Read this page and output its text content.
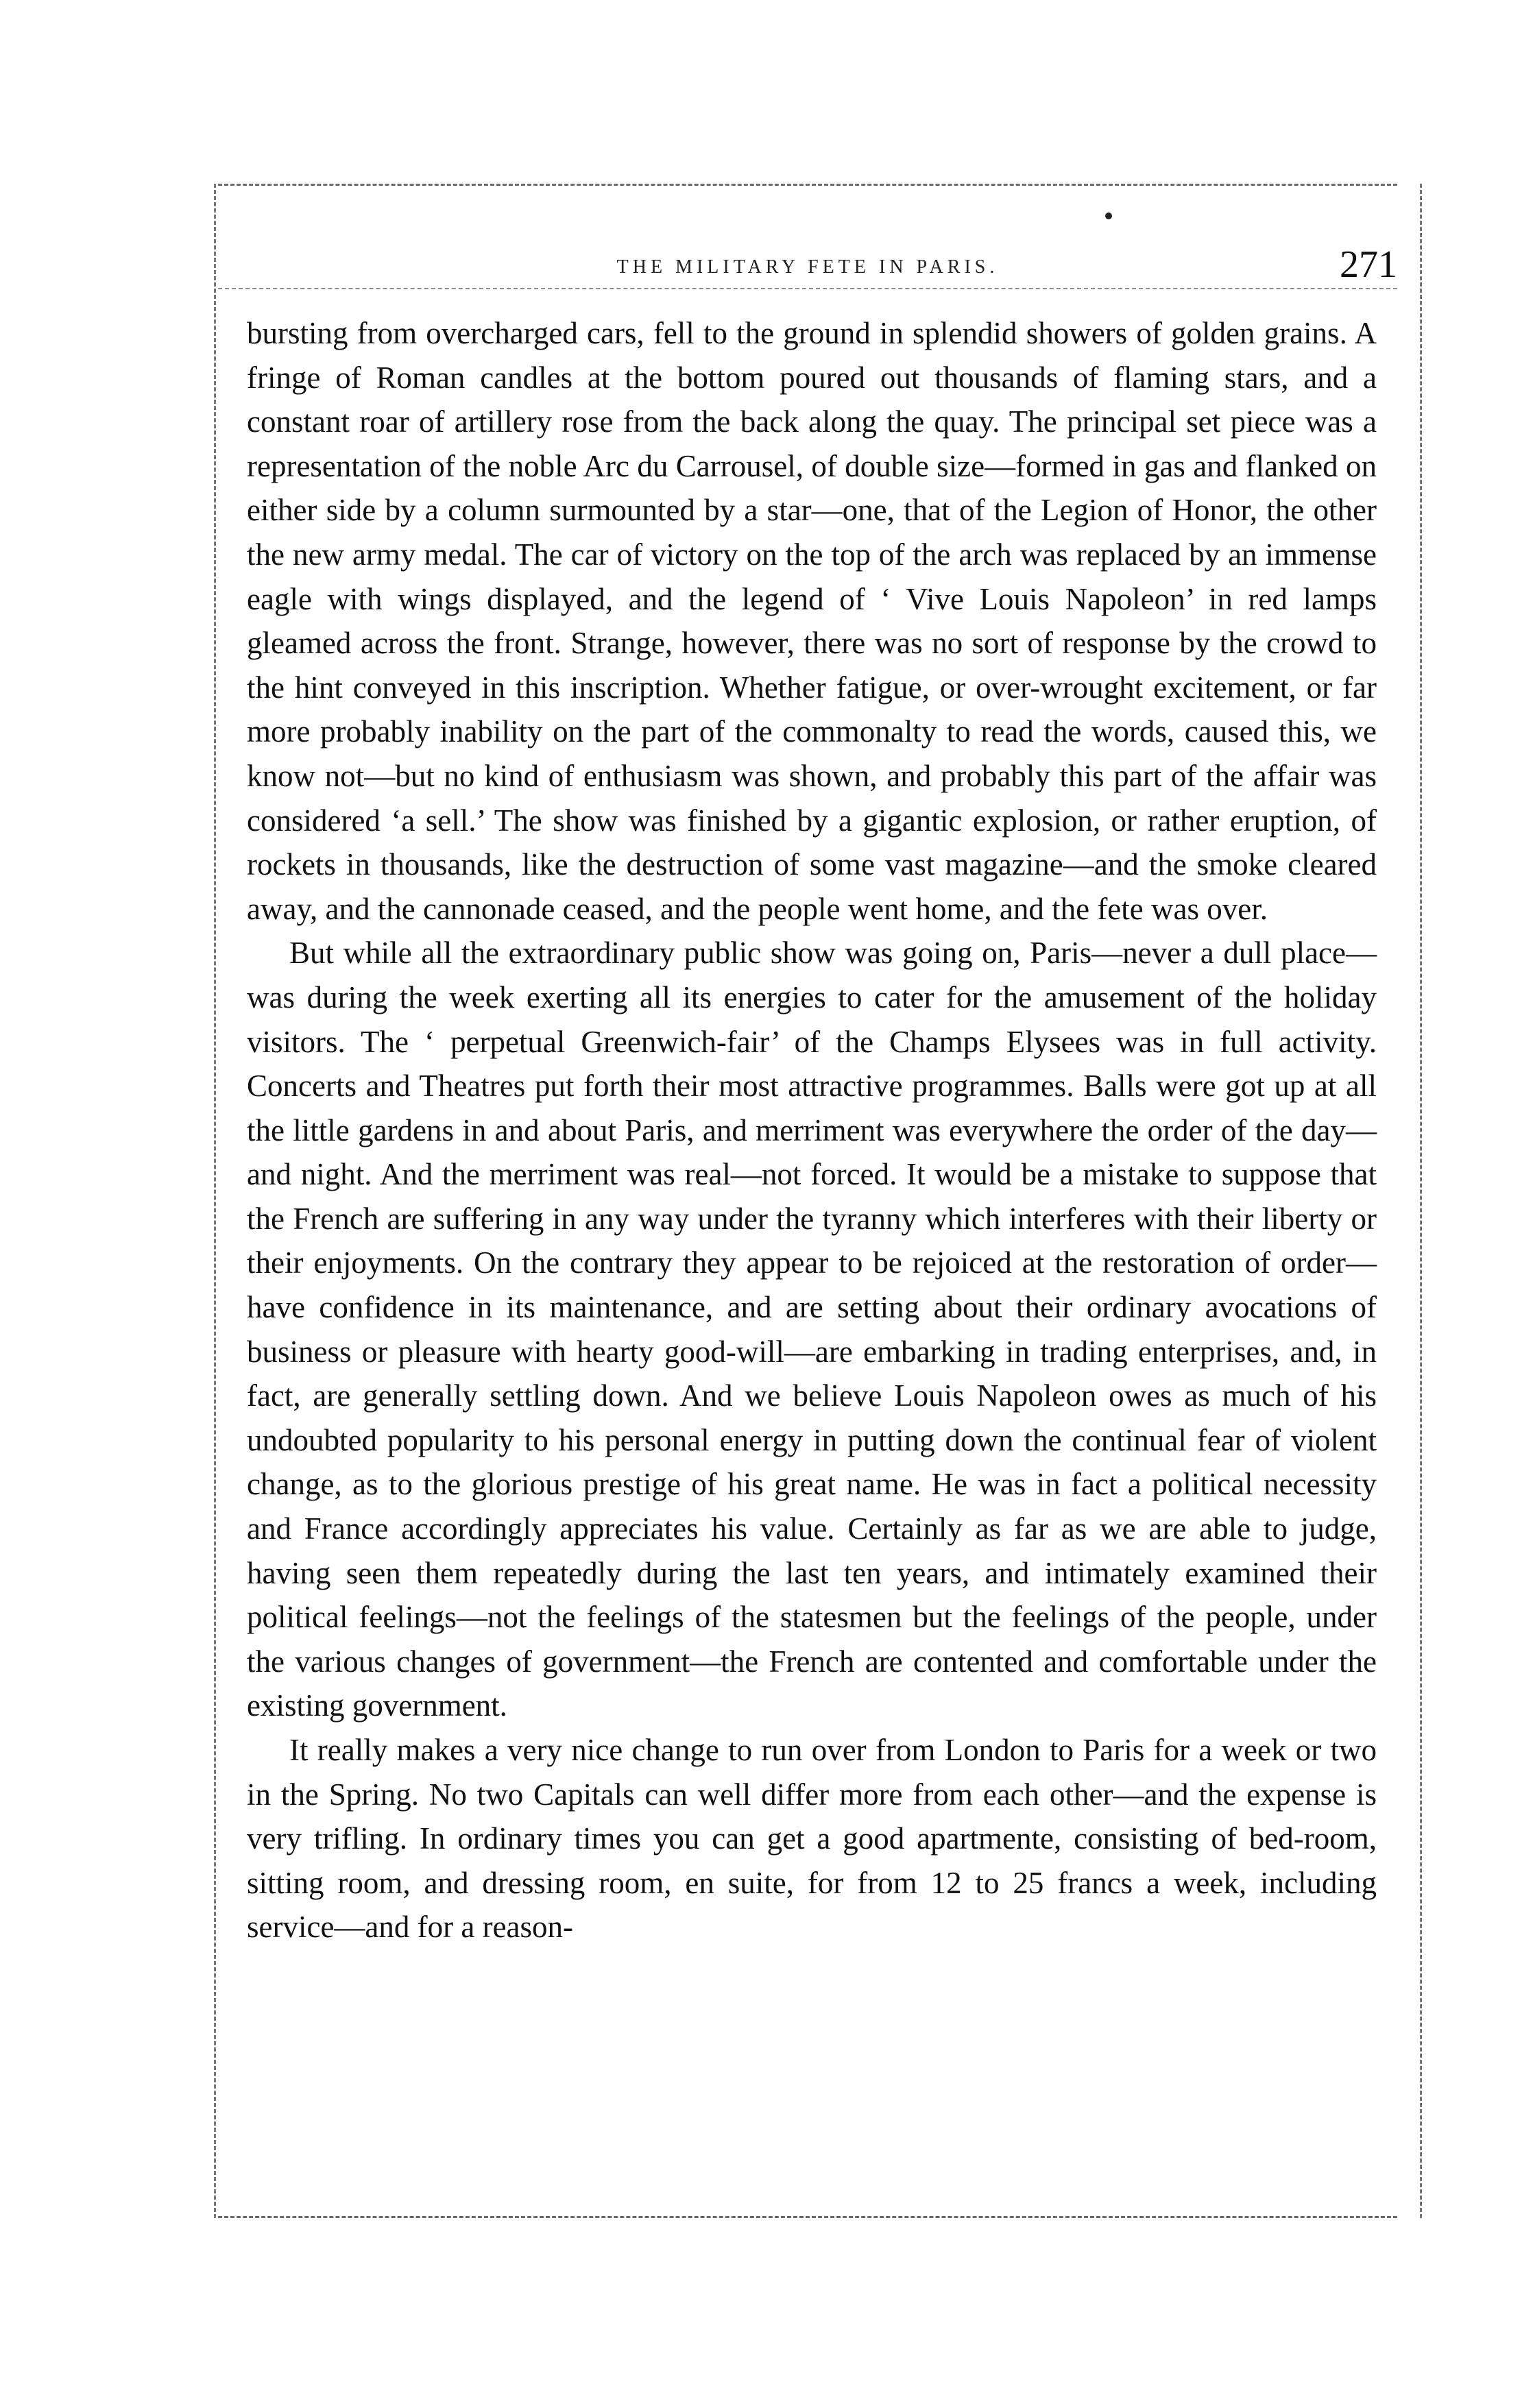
THE MILITARY FETE IN PARIS.	271

bursting from overcharged cars, fell to the ground in splendid showers of golden grains. A fringe of Roman candles at the bottom poured out thousands of flaming stars, and a constant roar of artillery rose from the back along the quay. The principal set piece was a representation of the noble Arc du Carrousel, of double size—formed in gas and flanked on either side by a column surmounted by a star—one, that of the Legion of Honor, the other the new army medal. The car of victory on the top of the arch was replaced by an immense eagle with wings displayed, and the legend of ‘ Vive Louis Napoleon’ in red lamps gleamed across the front. Strange, however, there was no sort of response by the crowd to the hint conveyed in this inscription. Whether fatigue, or over-wrought excitement, or far more probably inability on the part of the commonalty to read the words, caused this, we know not—but no kind of enthusiasm was shown, and probably this part of the affair was considered ‘a sell.’ The show was finished by a gigantic explosion, or rather eruption, of rockets in thousands, like the destruction of some vast magazine—and the smoke cleared away, and the cannonade ceased, and the people went home, and the fete was over.

But while all the extraordinary public show was going on, Paris—never a dull place—was during the week exerting all its energies to cater for the amusement of the holiday visitors. The ‘ perpetual Greenwich-fair’ of the Champs Elysees was in full activity. Concerts and Theatres put forth their most attractive programmes. Balls were got up at all the little gardens in and about Paris, and merriment was everywhere the order of the day—and night. And the merriment was real—not forced. It would be a mistake to suppose that the French are suffering in any way under the tyranny which interferes with their liberty or their enjoyments. On the contrary they appear to be rejoiced at the restoration of order—have confidence in its maintenance, and are setting about their ordinary avocations of business or pleasure with hearty good-will—are embarking in trading enterprises, and, in fact, are generally settling down. And we believe Louis Napoleon owes as much of his undoubted popularity to his personal energy in putting down the continual fear of violent change, as to the glorious prestige of his great name. He was in fact a political necessity and France accordingly appreciates his value. Certainly as far as we are able to judge, having seen them repeatedly during the last ten years, and intimately examined their political feelings—not the feelings of the statesmen but the feelings of the people, under the various changes of government—the French are contented and comfortable under the existing government.

It really makes a very nice change to run over from London to Paris for a week or two in the Spring. No two Capitals can well differ more from each other—and the expense is very trifling. In ordinary times you can get a good apartmente, consisting of bed-room, sitting room, and dressing room, en suite, for from 12 to 25 francs a week, including service—and for a reason-
